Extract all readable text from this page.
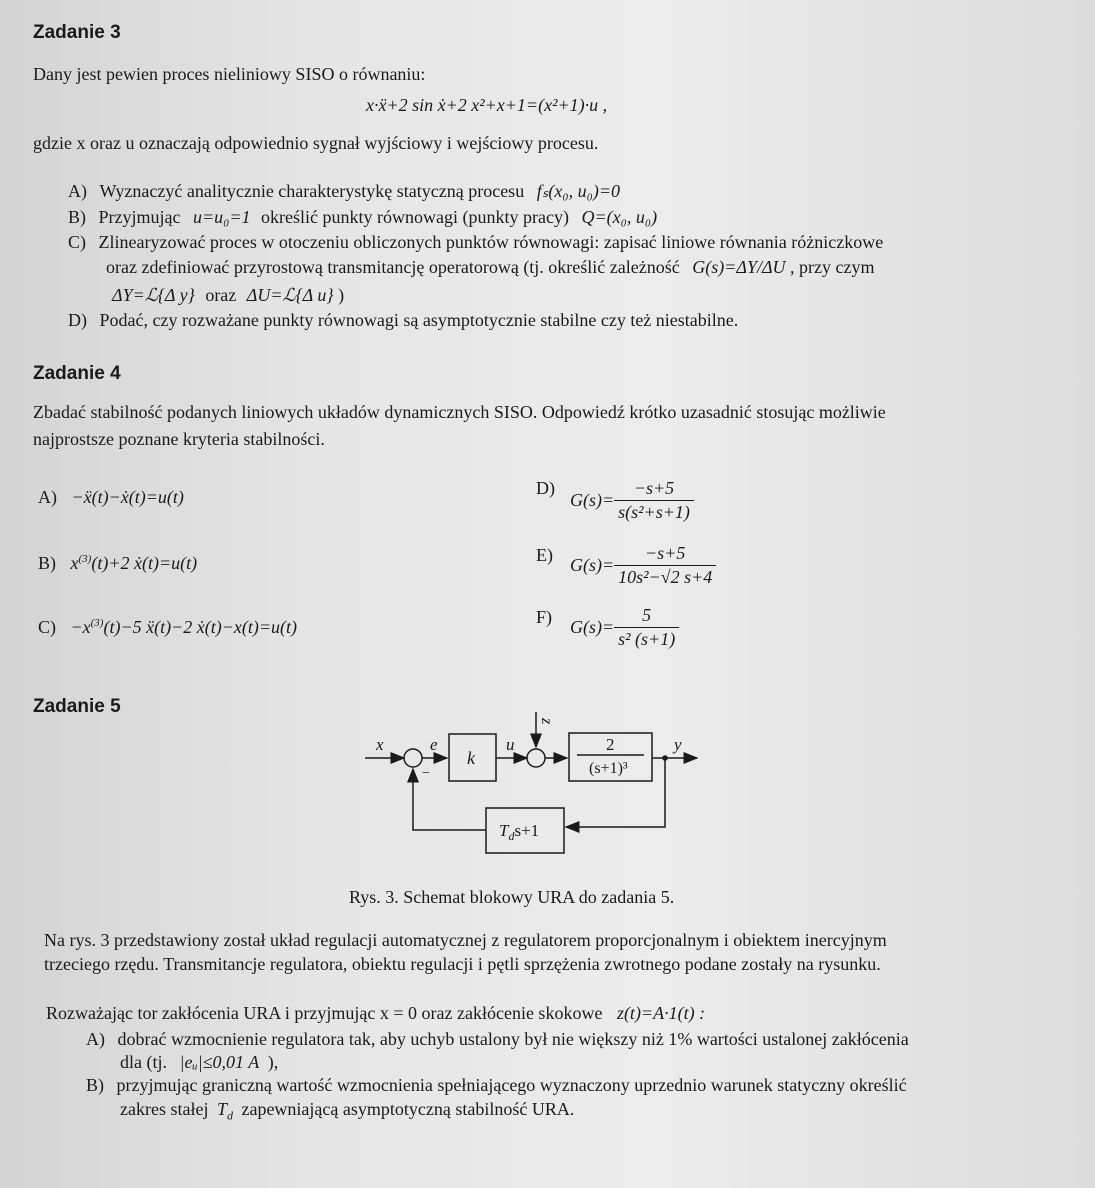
Zadanie 3
Dany jest pewien proces nieliniowy SISO o równaniu:
x·ẍ+2 sin ẋ+2 x²+x+1=(x²+1)·u ,
gdzie x oraz u oznaczają odpowiednio sygnał wyjściowy i wejściowy procesu.
A) Wyznaczyć analitycznie charakterystykę statyczną procesu fₛ(x₀, u₀)=0
B) Przyjmując u=u₀=1 określić punkty równowagi (punkty pracy) Q=(x₀, u₀)
C) Zlinearyzować proces w otoczeniu obliczonych punktów równowagi: zapisać liniowe równania różniczkowe
oraz zdefiniować przyrostową transmitancję operatorową (tj. określić zależność G(s)=ΔY/ΔU , przy czym
ΔY=ℒ{Δ y} oraz ΔU=ℒ{Δ u} )
D) Podać, czy rozważane punkty równowagi są asymptotycznie stabilne czy też niestabilne.
Zadanie 4
Zbadać stabilność podanych liniowych układów dynamicznych SISO. Odpowiedź krótko uzasadnić stosując możliwie
najprostsze poznane kryteria stabilności.
A) −ẍ(t)−ẋ(t)=u(t)
B) $x^{(3)}(t)+2$ ẋ(t)=u(t)
$C) -x^{(3)}(t)-5$ ẍ(t)−2 ẋ(t)−x(t)=u(t)
D)
$G(s)= \frac{-s+5}{\text{s(s²+s+1)}}$
E) $G(s)= \frac{-s+5}{\text{10s²−√2 s+4}}$
F) $G(s)= \frac{5}{\text{s² (s+1)}}$
Zadanie 5
x	e
k
u
z
2
(s+1)³
y
−
$T_ds+1$
Rys. 3. Schemat blokowy URA do zadania 5.
Na rys. 3 przedstawiony został układ regulacji automatycznej z regulatorem proporcjonalnym i obiektem inercyjnym
trzeciego rzędu. Transmitancje regulatora, obiektu regulacji i pętli sprzężenia zwrotnego podane zostały na rysunku.
Rozważając tor zakłócenia URA i przyjmując x = 0 oraz zakłócenie skokowe z(t)=A·1(t) :
A) dobrać wzmocnienie regulatora tak, aby uchyb ustalony był nie większy niż 1% wartości ustalonej zakłócenia
dla (tj. |eᵤ|≤0,01 A ),
B) przyjmując graniczną wartość wzmocnienia spełniającego wyznaczony uprzednio warunek statyczny określić
zakres stałej $T_d$ zapewniającą asymptotyczną stabilność URA.
